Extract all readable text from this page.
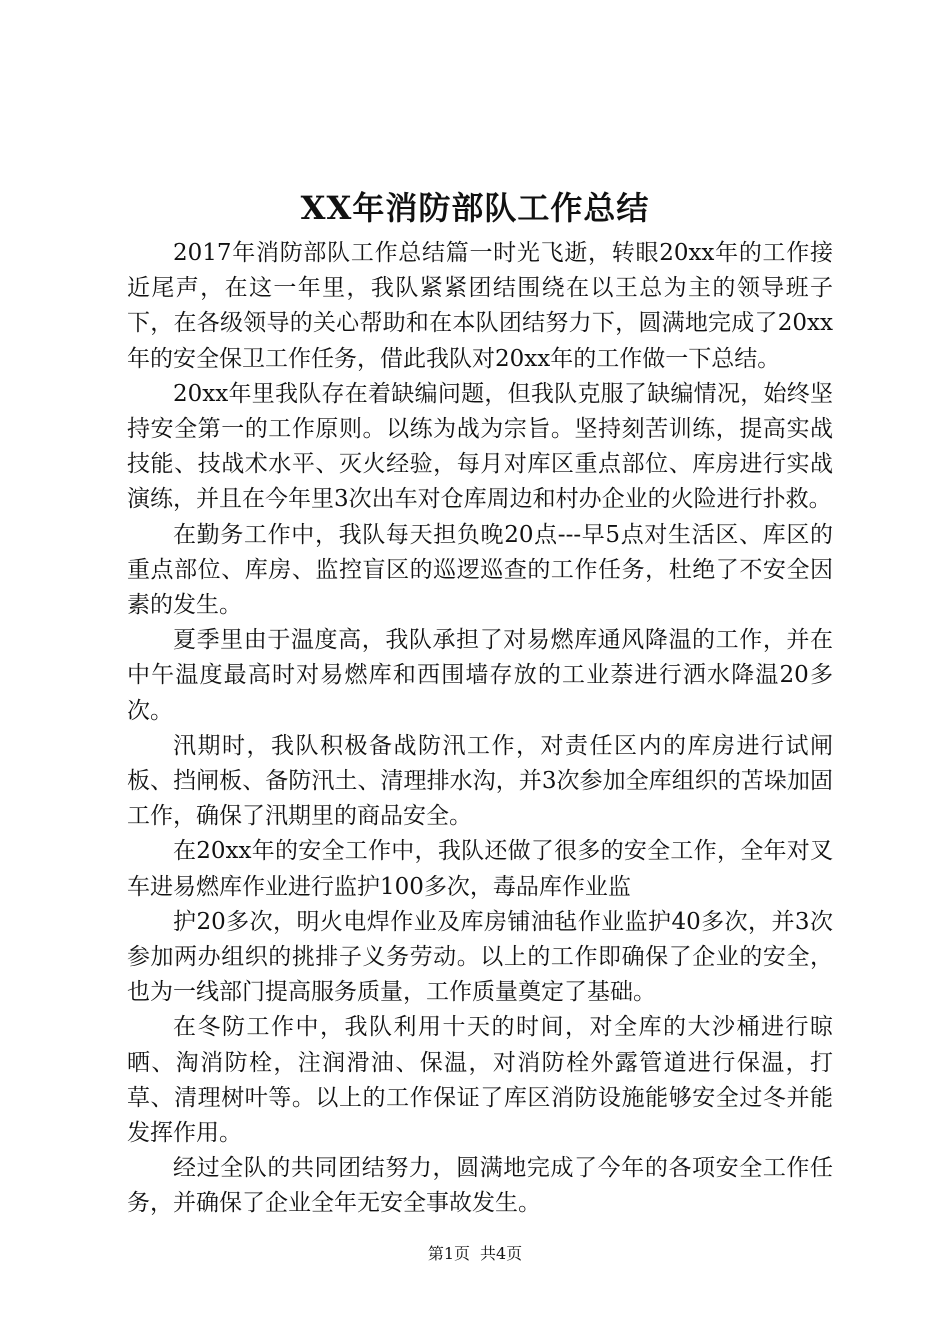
XX年消防部队工作总结

2017年消防部队工作总结篇一时光飞逝，转眼20xx年的工作接近尾声，在这一年里，我队紧紧团结围绕在以王总为主的领导班子下，在各级领导的关心帮助和在本队团结努力下，圆满地完成了20xx年的安全保卫工作任务，借此我队对20xx年的工作做一下总结。

20xx年里我队存在着缺编问题，但我队克服了缺编情况，始终坚持安全第一的工作原则。以练为战为宗旨。坚持刻苦训练，提高实战技能、技战术水平、灭火经验，每月对库区重点部位、库房进行实战演练，并且在今年里3次出车对仓库周边和村办企业的火险进行扑救。

在勤务工作中，我队每天担负晚20点---早5点对生活区、库区的重点部位、库房、监控盲区的巡逻巡查的工作任务，杜绝了不安全因素的发生。

夏季里由于温度高，我队承担了对易燃库通风降温的工作，并在中午温度最高时对易燃库和西围墙存放的工业萘进行洒水降温20多次。

汛期时，我队积极备战防汛工作，对责任区内的库房进行试闸板、挡闸板、备防汛土、清理排水沟，并3次参加全库组织的苫垛加固工作，确保了汛期里的商品安全。

在20xx年的安全工作中，我队还做了很多的安全工作，全年对叉车进易燃库作业进行监护100多次，毒品库作业监

护20多次，明火电焊作业及库房铺油毡作业监护40多次，并3次参加两办组织的挑排子义务劳动。以上的工作即确保了企业的安全，也为一线部门提高服务质量，工作质量奠定了基础。

在冬防工作中，我队利用十天的时间，对全库的大沙桶进行晾晒、淘消防栓，注润滑油、保温，对消防栓外露管道进行保温，打草、清理树叶等。以上的工作保证了库区消防设施能够安全过冬并能发挥作用。

经过全队的共同团结努力，圆满地完成了今年的各项安全工作任务，并确保了企业全年无安全事故发生。

第1页 共4页
